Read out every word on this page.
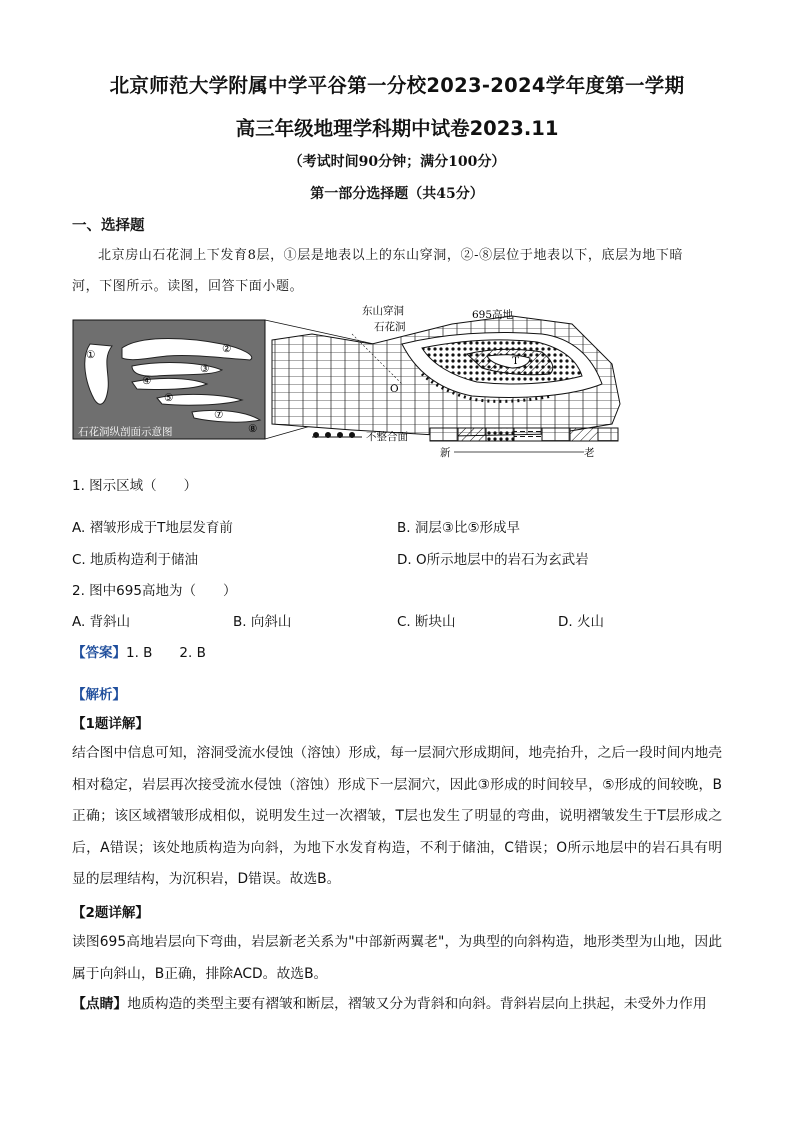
北京师范大学附属中学平谷第一分校2023-2024学年度第一学期
高三年级地理学科期中试卷2023.11
（考试时间90分钟；满分100分）
第一部分选择题（共45分）
一、选择题
北京房山石花洞上下发育8层，①层是地表以上的东山穿洞，②-⑧层位于地表以下，底层为地下暗
河，下图所示。读图，回答下面小题。
①	②
③
④
⑤
⑦
⑧
石花洞纵剖面示意图
东山穿洞
石花洞
695高地
T
O
不整合面
新	老
1. 图示区域（　　）
A. 褶皱形成于T地层发育前	B. 洞层③比⑤形成早
C. 地质构造利于储油	D. O所示地层中的岩石为玄武岩
2. 图中695高地为（　　）
A. 背斜山	B. 向斜山	C. 断块山	D. 火山
【答案】1. B　　2. B
【解析】
【1题详解】
结合图中信息可知，溶洞受流水侵蚀（溶蚀）形成，每一层洞穴形成期间，地壳抬升，之后一段时间内地壳相对稳定，岩层再次接受流水侵蚀（溶蚀）形成下一层洞穴，因此③形成的时间较早，⑤形成的间较晚，B正确；该区域褶皱形成相似，说明发生过一次褶皱，T层也发生了明显的弯曲，说明褶皱发生于T层形成之后，A错误；该处地质构造为向斜，为地下水发育构造，不利于储油，C错误；O所示地层中的岩石具有明显的层理结构，为沉积岩，D错误。故选B。
【2题详解】
读图695高地岩层向下弯曲，岩层新老关系为"中部新两翼老"，为典型的向斜构造，地形类型为山地，因此属于向斜山，B正确，排除ACD。故选B。
【点睛】地质构造的类型主要有褶皱和断层，褶皱又分为背斜和向斜。背斜岩层向上拱起，未受外力作用
